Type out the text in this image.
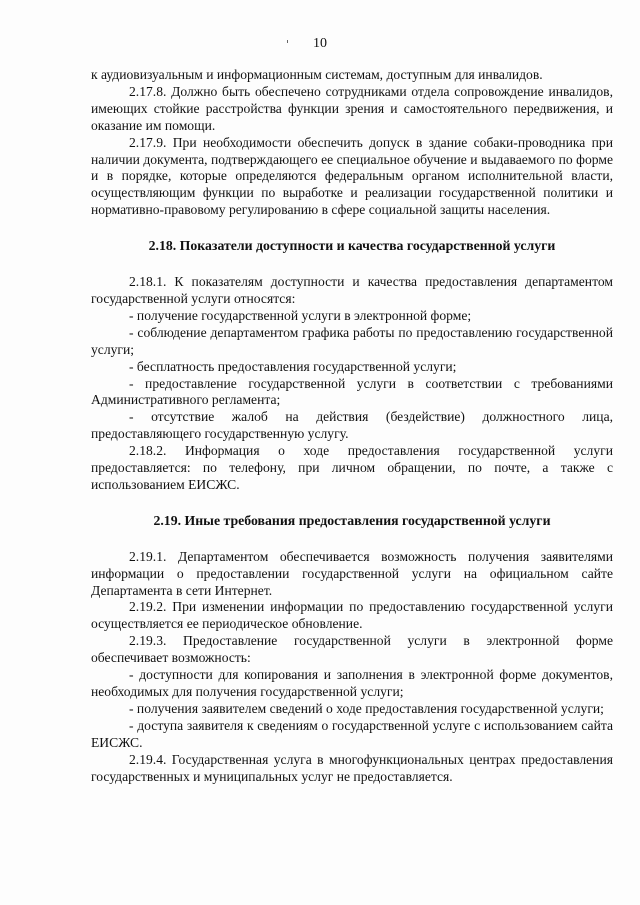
10

к аудиовизуальным и информационным системам, доступным для инвалидов.

2.17.8. Должно быть обеспечено сотрудниками отдела сопровождение инвалидов, имеющих стойкие расстройства функции зрения и самостоятельного передвижения, и оказание им помощи.

2.17.9. При необходимости обеспечить допуск в здание собаки-проводника при наличии документа, подтверждающего ее специальное обучение и выдаваемого по форме и в порядке, которые определяются федеральным органом исполнительной власти, осуществляющим функции по выработке и реализации государственной политики и нормативно-правовому регулированию в сфере социальной защиты населения.

2.18. Показатели доступности и качества государственной услуги

2.18.1. К показателям доступности и качества предоставления департаментом государственной услуги относятся:

- получение государственной услуги в электронной форме;

- соблюдение департаментом графика работы по предоставлению государственной услуги;

- бесплатность предоставления государственной услуги;

- предоставление государственной услуги в соответствии с требованиями Административного регламента;

- отсутствие жалоб на действия (бездействие) должностного лица, предоставляющего государственную услугу.

2.18.2. Информация о ходе предоставления государственной услуги предоставляется: по телефону, при личном обращении, по почте, а также с использованием ЕИСЖС.

2.19. Иные требования предоставления государственной услуги

2.19.1. Департаментом обеспечивается возможность получения заявителями информации о предоставлении государственной услуги на официальном сайте Департамента в сети Интернет.

2.19.2. При изменении информации по предоставлению государственной услуги осуществляется ее периодическое обновление.

2.19.3. Предоставление государственной услуги в электронной форме обеспечивает возможность:

- доступности для копирования и заполнения в электронной форме документов, необходимых для получения государственной услуги;

- получения заявителем сведений о ходе предоставления государственной услуги;

- доступа заявителя к сведениям о государственной услуге с использованием сайта ЕИСЖС.

2.19.4. Государственная услуга в многофункциональных центрах предоставления государственных и муниципальных услуг не предоставляется.
